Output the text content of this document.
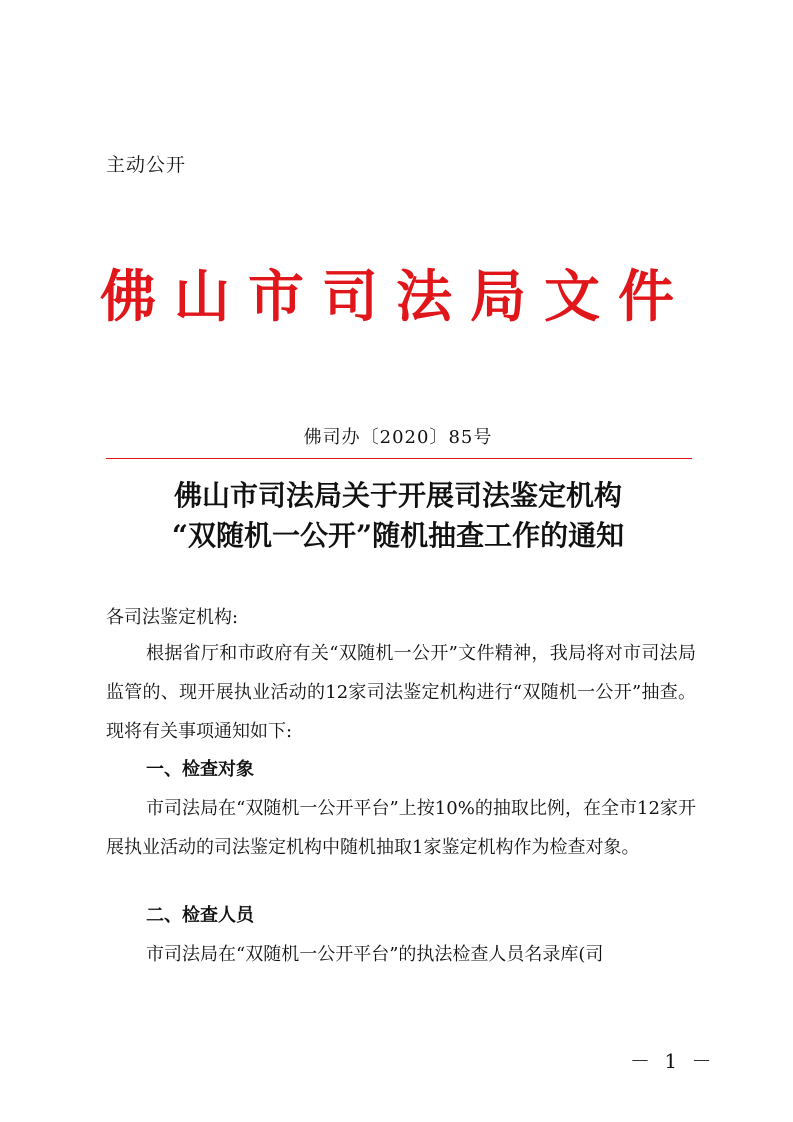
主动公开
佛山市司法局文件
佛司办〔2020〕85号
佛山市司法局关于开展司法鉴定机构
“双随机一公开”随机抽查工作的通知
各司法鉴定机构:
根据省厅和市政府有关“双随机一公开”文件精神，我局将对市司法局监管的、现开展执业活动的12家司法鉴定机构进行“双随机一公开”抽查。现将有关事项通知如下:
一、检查对象
市司法局在“双随机一公开平台”上按10%的抽取比例，在全市12家开展执业活动的司法鉴定机构中随机抽取1家鉴定机构作为检查对象。
二、检查人员
市司法局在“双随机一公开平台”的执法检查人员名录库(司
－ 1 －
